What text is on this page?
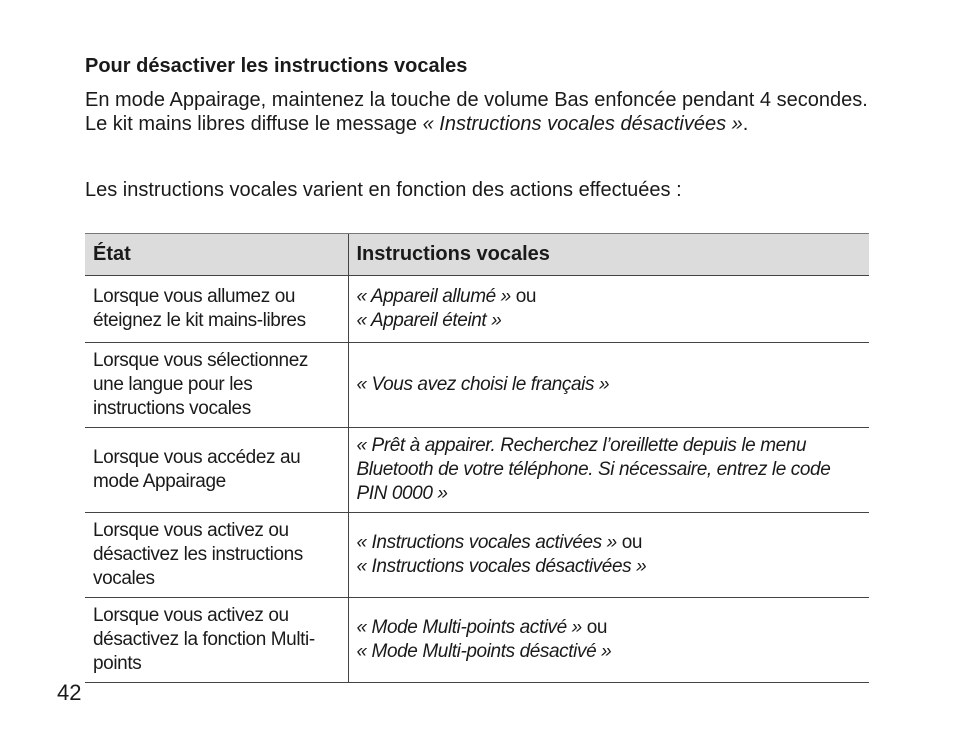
Pour désactiver les instructions vocales

En mode Appairage, maintenez la touche de volume Bas enfoncée pendant 4 secondes. Le kit mains libres diffuse le message « Instructions vocales désactivées ».

Les instructions vocales varient en fonction des actions effectuées :

État	Instructions vocales
Lorsque vous allumez ou éteignez le kit mains-libres	« Appareil allumé » ou
« Appareil éteint »
Lorsque vous sélectionnez une langue pour les instructions vocales	« Vous avez choisi le français »
Lorsque vous accédez au mode Appairage	« Prêt à appairer. Recherchez l’oreillette depuis le menu Bluetooth de votre téléphone. Si nécessaire, entrez le code PIN 0000 »
Lorsque vous activez ou désactivez les instructions vocales	« Instructions vocales activées » ou
« Instructions vocales désactivées »
Lorsque vous activez ou désactivez la fonction Multi-points	« Mode Multi-points activé » ou
« Mode Multi-points désactivé »

42
